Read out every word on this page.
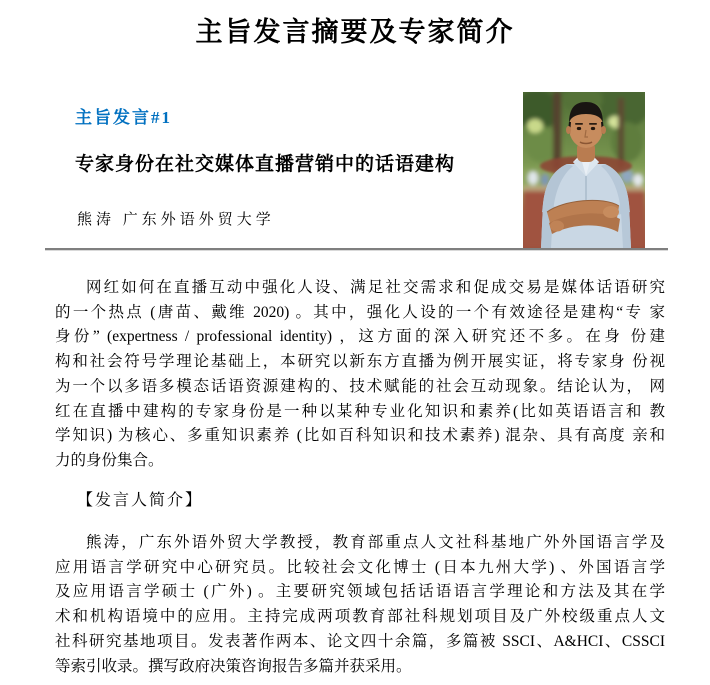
主旨发言摘要及专家简介
主旨发言#1
专家身份在社交媒体直播营销中的话语建构
熊涛 广东外语外贸大学
网红如何在直播互动中强化人设、满足社交需求和促成交易是媒体话语研究
的一个热点 (唐苗、戴维 2020) 。其中，强化人设的一个有效途径是建构“专 家
身份” (expertness / professional identity) ，这方面的深入研究还不多。在身 份建
构和社会符号学理论基础上，本研究以新东方直播为例开展实证，将专家身 份视
为一个以多语多模态话语资源建构的、技术赋能的社会互动现象。结论认为， 网
红在直播中建构的专家身份是一种以某种专业化知识和素养(比如英语语言和 教
学知识) 为核心、多重知识素养 (比如百科知识和技术素养) 混杂、具有高度 亲和
力的身份集合。
【发言人简介】
熊涛，广东外语外贸大学教授，教育部重点人文社科基地广外外国语言学及
应用语言学研究中心研究员。比较社会文化博士 (日本九州大学) 、外国语言学
及应用语言学硕士 (广外) 。主要研究领域包括话语语言学理论和方法及其在学
术和机构语境中的应用。主持完成两项教育部社科规划项目及广外校级重点人文
社科研究基地项目。发表著作两本、论文四十余篇，多篇被 SSCI、A&HCI、CSSCI
等索引收录。撰写政府决策咨询报告多篇并获采用。
